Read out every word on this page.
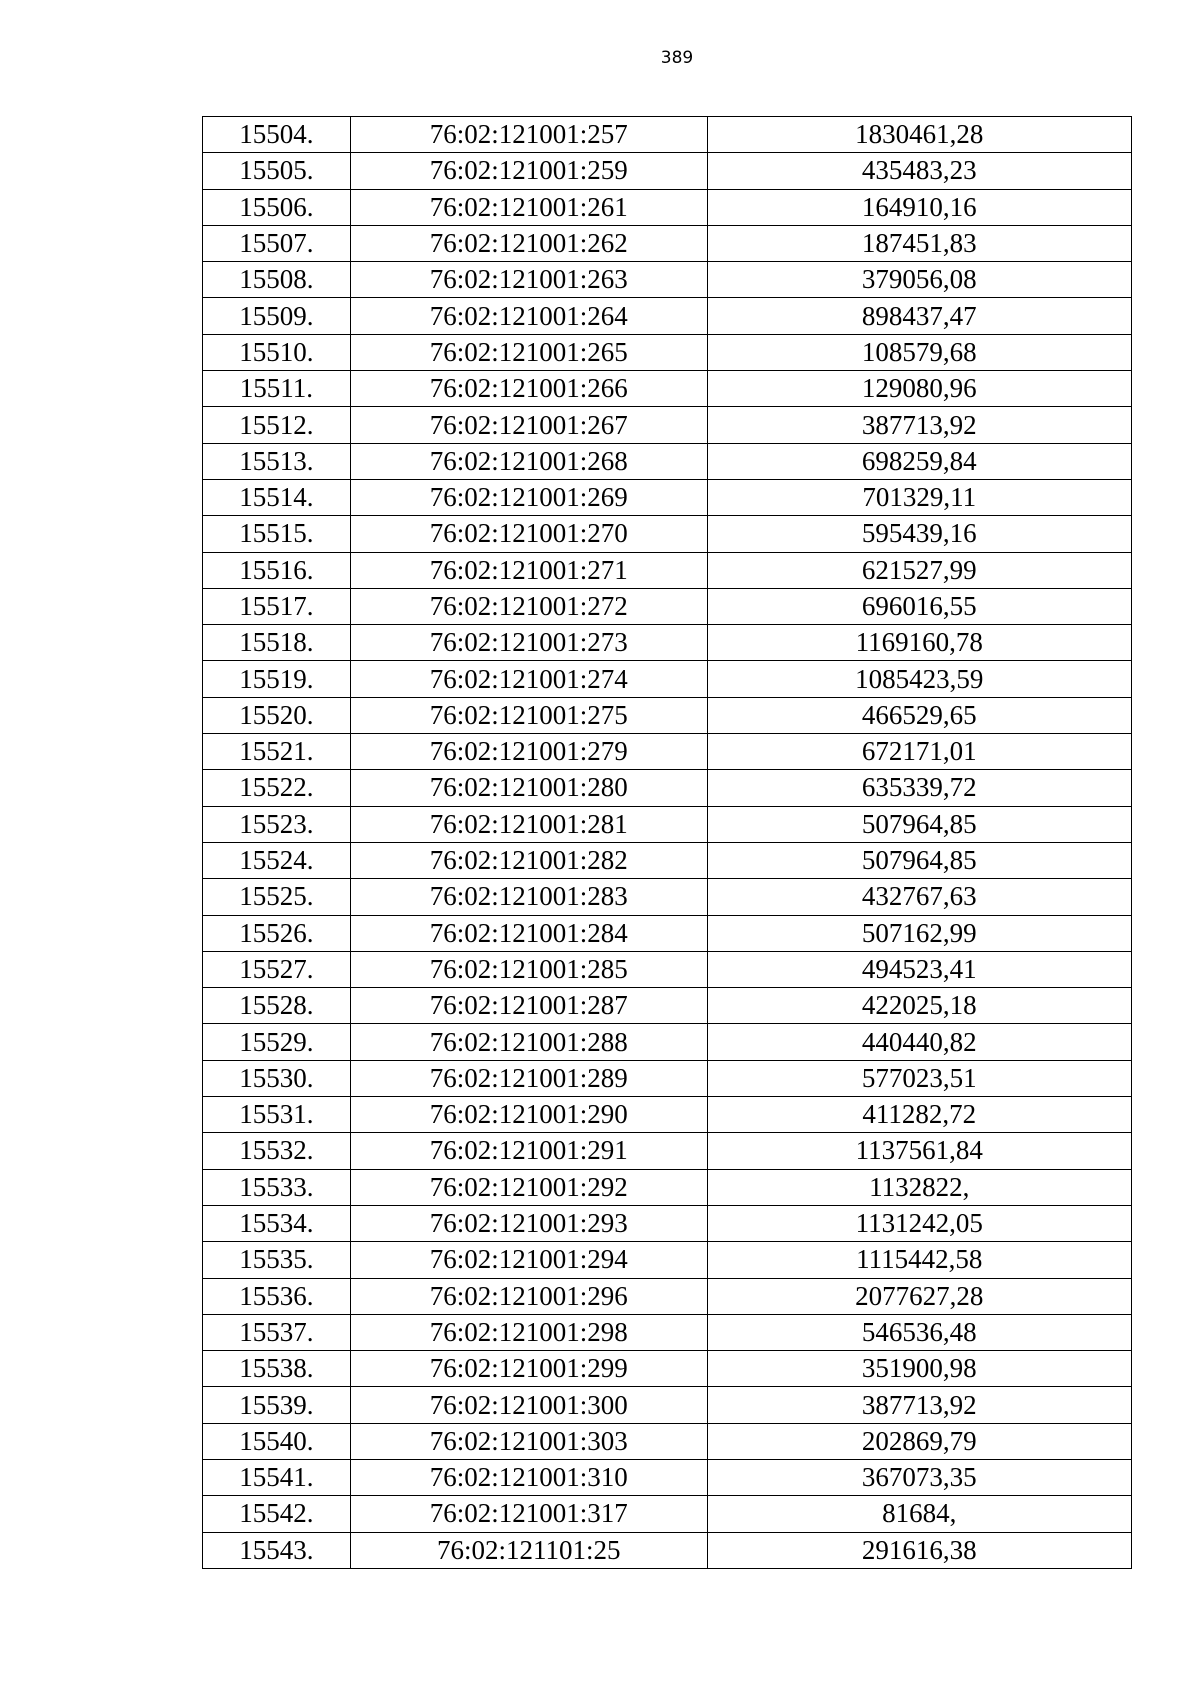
389
15504.	76:02:121001:257	1830461,28
15505.	76:02:121001:259	435483,23
15506.	76:02:121001:261	164910,16
15507.	76:02:121001:262	187451,83
15508.	76:02:121001:263	379056,08
15509.	76:02:121001:264	898437,47
15510.	76:02:121001:265	108579,68
15511.	76:02:121001:266	129080,96
15512.	76:02:121001:267	387713,92
15513.	76:02:121001:268	698259,84
15514.	76:02:121001:269	701329,11
15515.	76:02:121001:270	595439,16
15516.	76:02:121001:271	621527,99
15517.	76:02:121001:272	696016,55
15518.	76:02:121001:273	1169160,78
15519.	76:02:121001:274	1085423,59
15520.	76:02:121001:275	466529,65
15521.	76:02:121001:279	672171,01
15522.	76:02:121001:280	635339,72
15523.	76:02:121001:281	507964,85
15524.	76:02:121001:282	507964,85
15525.	76:02:121001:283	432767,63
15526.	76:02:121001:284	507162,99
15527.	76:02:121001:285	494523,41
15528.	76:02:121001:287	422025,18
15529.	76:02:121001:288	440440,82
15530.	76:02:121001:289	577023,51
15531.	76:02:121001:290	411282,72
15532.	76:02:121001:291	1137561,84
15533.	76:02:121001:292	1132822,
15534.	76:02:121001:293	1131242,05
15535.	76:02:121001:294	1115442,58
15536.	76:02:121001:296	2077627,28
15537.	76:02:121001:298	546536,48
15538.	76:02:121001:299	351900,98
15539.	76:02:121001:300	387713,92
15540.	76:02:121001:303	202869,79
15541.	76:02:121001:310	367073,35
15542.	76:02:121001:317	81684,
15543.	76:02:121101:25	291616,38
